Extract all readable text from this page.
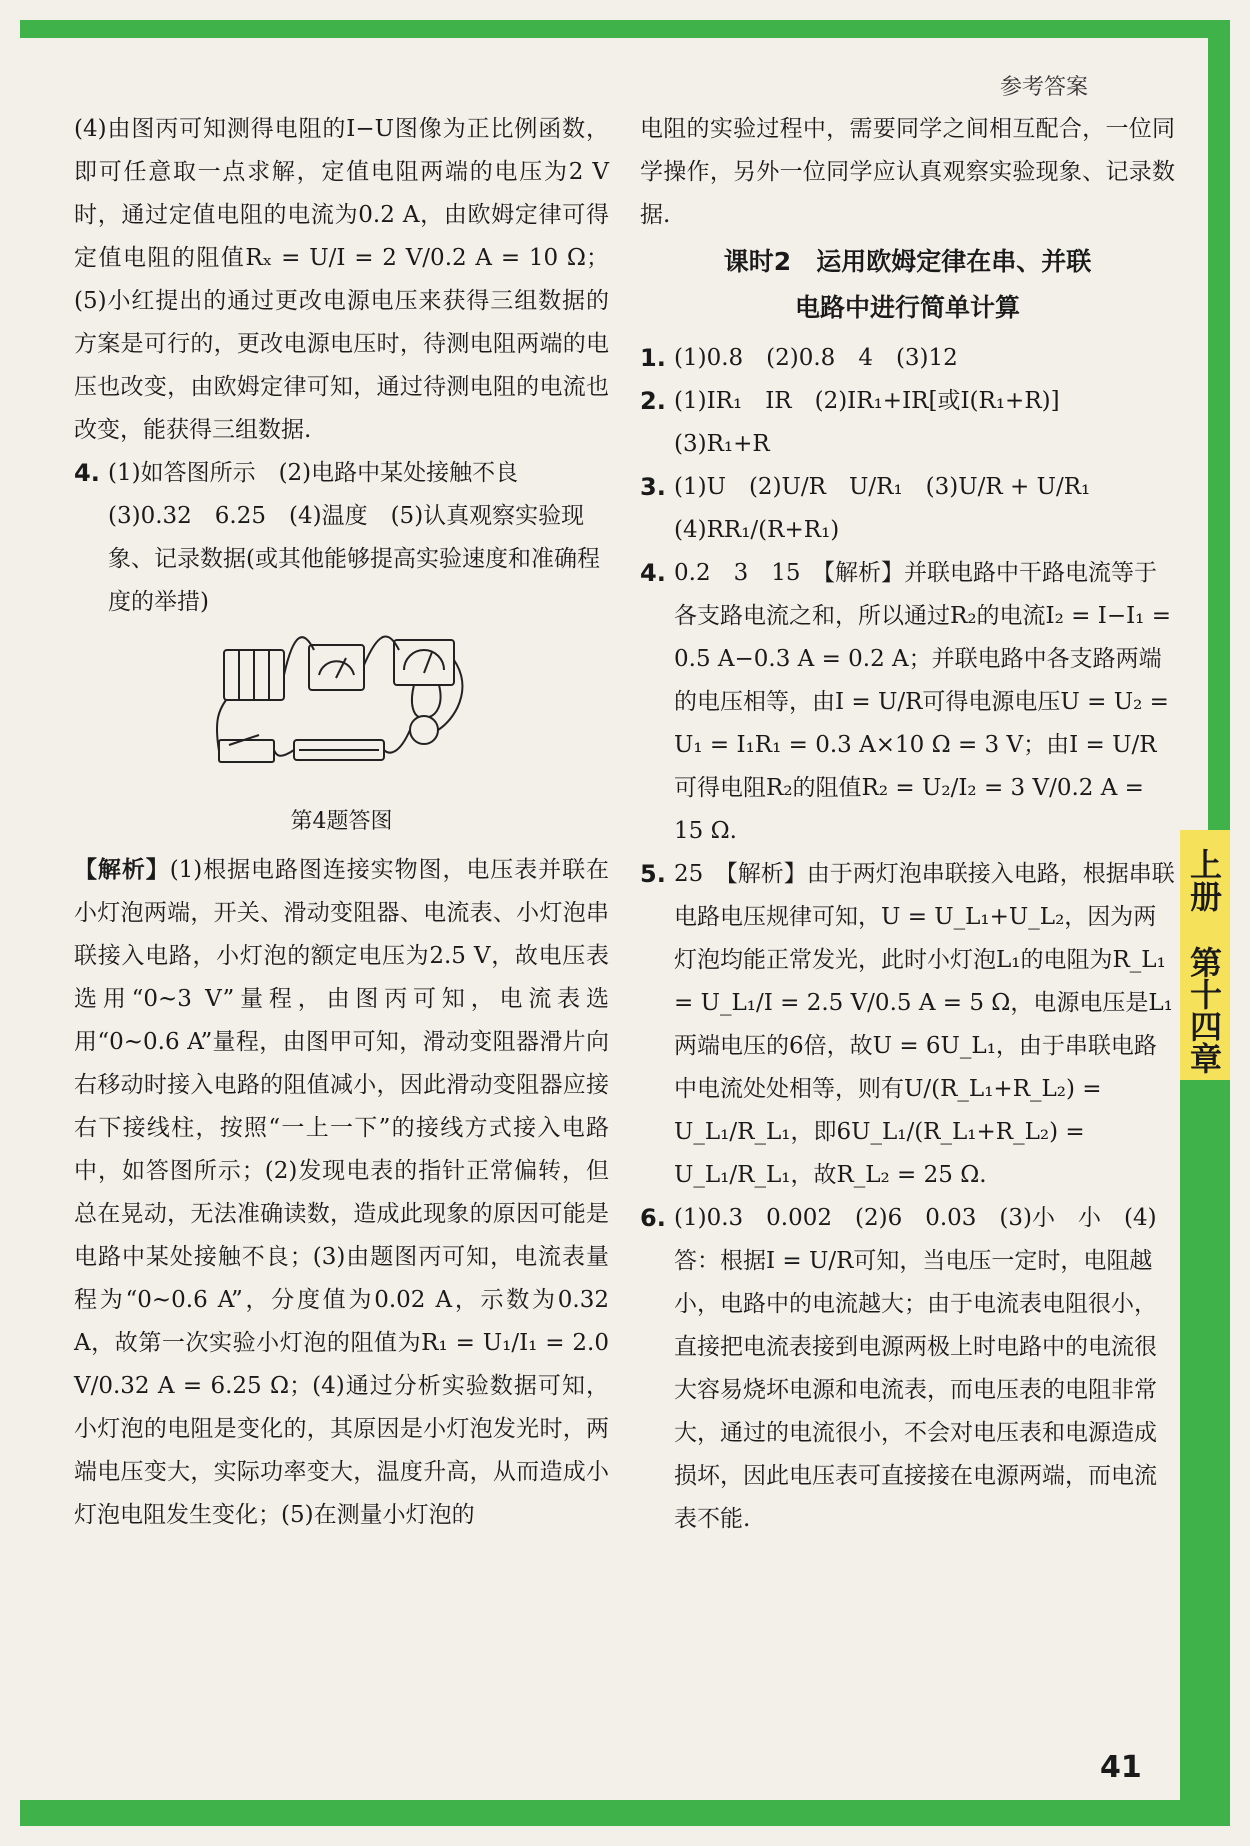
上册
第十四章
参考答案

(4)由图丙可知测得电阻的I−U图像为正比例函数，即可任意取一点求解，定值电阻两端的电压为2 V时，通过定值电阻的电流为0.2 A，由欧姆定律可得定值电阻的阻值Rₓ = U/I = 2 V/0.2 A = 10 Ω；(5)小红提出的通过更改电源电压来获得三组数据的方案是可行的，更改电源电压时，待测电阻两端的电压也改变，由欧姆定律可知，通过待测电阻的电流也改变，能获得三组数据.

4. (1)如答图所示　(2)电路中某处接触不良　(3)0.32　6.25　(4)温度　(5)认真观察实验现象、记录数据(或其他能够提高实验速度和准确程度的举措)

第4题答图

【解析】(1)根据电路图连接实物图，电压表并联在小灯泡两端，开关、滑动变阻器、电流表、小灯泡串联接入电路，小灯泡的额定电压为2.5 V，故电压表选用“0~3 V”量程，由图丙可知，电流表选用“0~0.6 A”量程，由图甲可知，滑动变阻器滑片向右移动时接入电路的阻值减小，因此滑动变阻器应接右下接线柱，按照“一上一下”的接线方式接入电路中，如答图所示；(2)发现电表的指针正常偏转，但总在晃动，无法准确读数，造成此现象的原因可能是电路中某处接触不良；(3)由题图丙可知，电流表量程为“0~0.6 A”，分度值为0.02 A，示数为0.32 A，故第一次实验小灯泡的阻值为R₁ = U₁/I₁ = 2.0 V/0.32 A = 6.25 Ω；(4)通过分析实验数据可知，小灯泡的电阻是变化的，其原因是小灯泡发光时，两端电压变大，实际功率变大，温度升高，从而造成小灯泡电阻发生变化；(5)在测量小灯泡的

电阻的实验过程中，需要同学之间相互配合，一位同学操作，另外一位同学应认真观察实验现象、记录数据.

课时2　运用欧姆定律在串、并联
电路中进行简单计算
1. (1)0.8　(2)0.8　4　(3)12
2. (1)IR₁　IR　(2)IR₁+IR[或I(R₁+R)]　(3)R₁+R
3. (1)U　(2)U/R　U/R₁　(3)U/R + U/R₁　(4)RR₁/(R+R₁)
4. 0.2　3　15　【解析】并联电路中干路电流等于各支路电流之和，所以通过R₂的电流I₂ = I−I₁ = 0.5 A−0.3 A = 0.2 A；并联电路中各支路两端的电压相等，由I = U/R可得电源电压U = U₂ = U₁ = I₁R₁ = 0.3 A×10 Ω = 3 V；由I = U/R可得电阻R₂的阻值R₂ = U₂/I₂ = 3 V/0.2 A = 15 Ω.
5. 25　【解析】由于两灯泡串联接入电路，根据串联电路电压规律可知，U = U_L₁+U_L₂，因为两灯泡均能正常发光，此时小灯泡L₁的电阻为R_L₁ = U_L₁/I = 2.5 V/0.5 A = 5 Ω，电源电压是L₁两端电压的6倍，故U = 6U_L₁，由于串联电路中电流处处相等，则有U/(R_L₁+R_L₂) = U_L₁/R_L₁，即6U_L₁/(R_L₁+R_L₂) = U_L₁/R_L₁，故R_L₂ = 25 Ω.
6. (1)0.3　0.002　(2)6　0.03　(3)小　小　(4)答：根据I = U/R可知，当电压一定时，电阻越小，电路中的电流越大；由于电流表电阻很小，直接把电流表接到电源两极上时电路中的电流很大容易烧坏电源和电流表，而电压表的电阻非常大，通过的电流很小，不会对电压表和电源造成损坏，因此电压表可直接接在电源两端，而电流表不能.
41
